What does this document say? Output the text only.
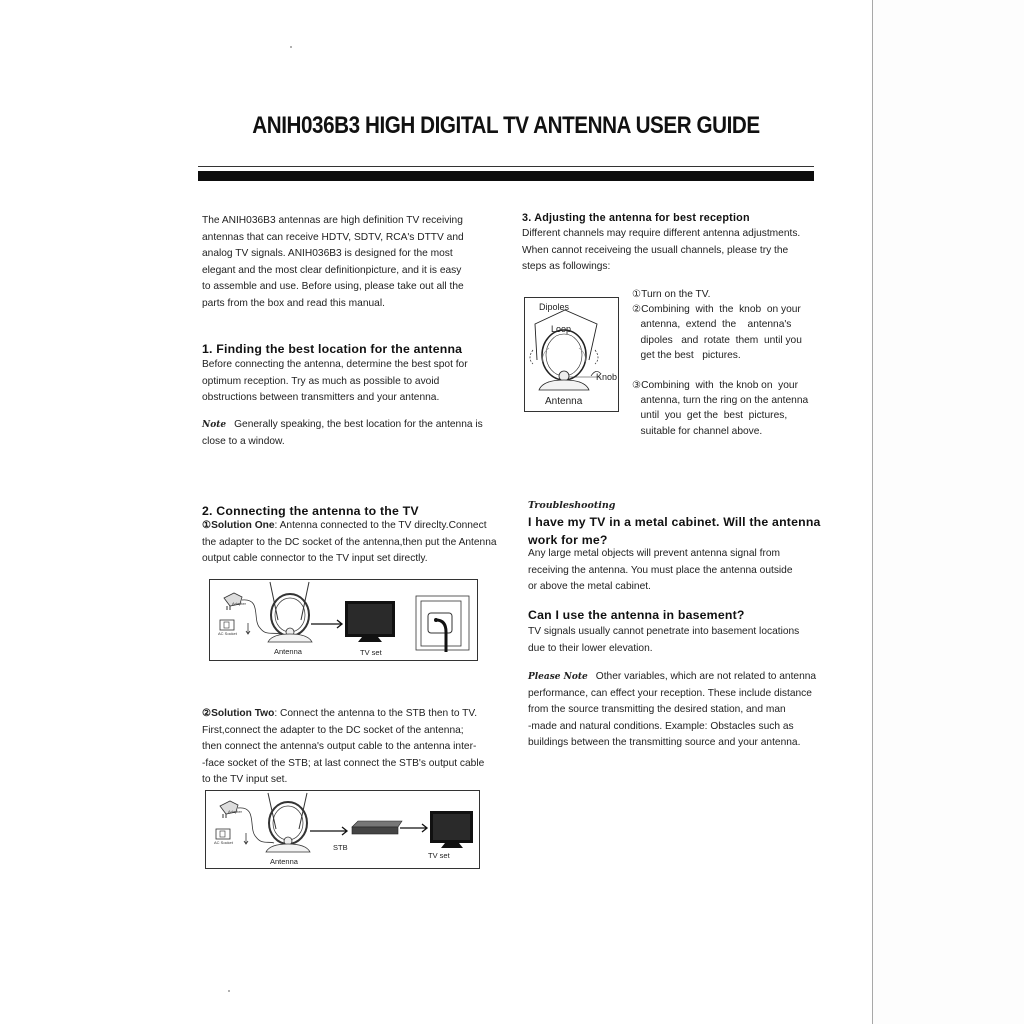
ANIH036B3 HIGH DIGITAL TV ANTENNA USER GUIDE
The ANIH036B3 antennas are high definition TV receiving
antennas that can receive HDTV, SDTV, RCA's DTTV and
analog TV signals. ANIH036B3 is designed for the most
elegant and the most clear definitionpicture, and it is easy
to assemble and use. Before using, please take out all the
parts from the box and read this manual.
1. Finding the best location for the antenna
Before connecting the antenna, determine the best spot for
optimum reception. Try as much as possible to avoid
obstructions between transmitters and your antenna.
Note Generally speaking, the best location for the antenna is
close to a window.
2. Connecting the antenna to the TV
①Solution One: Antenna connected to the TV direclty.Connect
the adapter to the DC socket of the antenna,then put the Antenna
output cable connector to the TV input set directly.
Adapter
AC Socket
Antenna	TV set
②Solution Two: Connect the antenna to the STB then to TV.
First,connect the adapter to the DC socket of the antenna;
then connect the antenna's output cable to the antenna inter-
-face socket of the STB; at last connect the STB's output cable
to the TV input set.
Adapter
AC Socket
Antenna
STB
TV set
3. Adjusting the antenna for best reception
Different channels may require different antenna adjustments.
When cannot receiveing the usuall channels, please try the
steps as followings:
Dipoles
Loop
Knob
Antenna
①Turn on the TV.
②Combining  with  the  knob  on your
antenna,  extend  the    antenna's
dipoles   and  rotate  them  until you
get the best   pictures.
③Combining  with  the knob on  your
antenna, turn the ring on the antenna
until  you  get the  best  pictures,
suitable for channel above.
Troubleshooting
I have my TV in a metal cabinet. Will the antenna
work for me?
Any large metal objects will prevent antenna signal from
receiving the antenna. You must place the antenna outside
or above the metal cabinet.
Can I use the antenna in basement?
TV signals usually cannot penetrate into basement locations
due to their lower elevation.
Please Note Other variables, which are not related to antenna
performance, can effect your reception. These include distance
from the source transmitting the desired station, and man
-made and natural conditions. Example: Obstacles such as
buildings between the transmitting source and your antenna.
